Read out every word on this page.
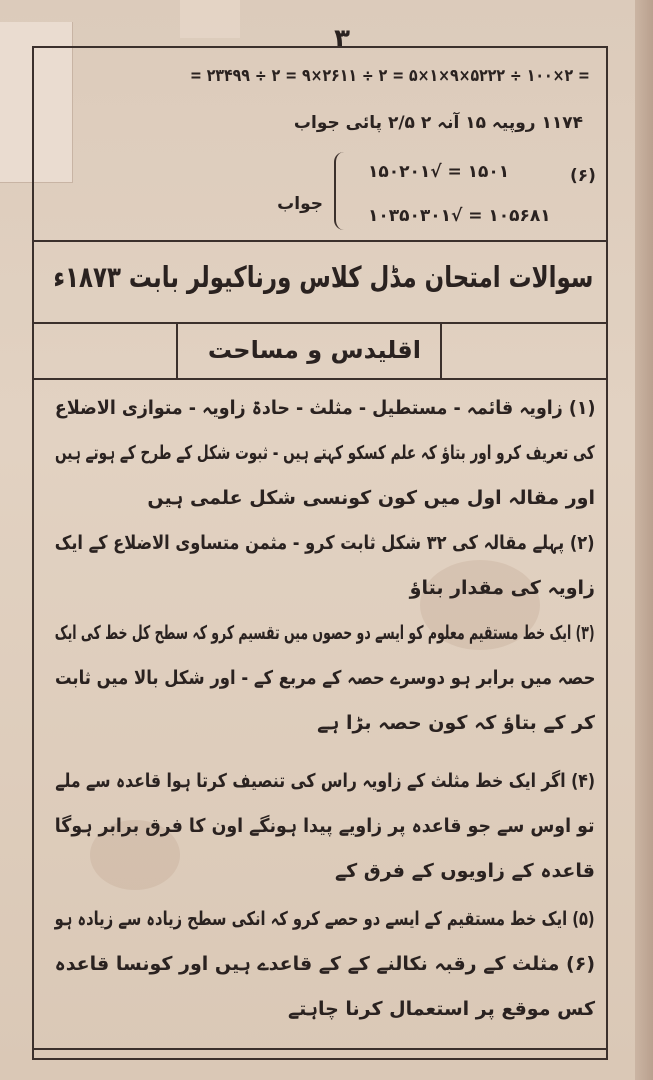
۳
= ۲۳۴۹۹ ÷ ۲ = ۹×۲۶۱۱ ÷ ۲ = ۵×۱×۹×۵۲۲۲ ÷ ۱۰۰×۲ =
۱۱۷۴ روپیہ ۱۵ آنہ ۲ ۲/۵ پائی جواب
(۶)
۱۵۰۲۰۱√ = ۱۵۰۱
۱۰۳۵۰۳۰۱√ = ۱۰۵۶۸۱
جواب
سوالات امتحان مڈل کلاس ورناکیولر بابت ۱۸۷۳ء
اقلیدس و مساحت
(۱) زاویہ قائمہ - مستطیل - مثلث - حادۃ زاویہ - متوازی الاضلاع
کی تعریف کرو اور بتاؤ کہ علم کسکو کہتے ہیں - ثبوت شکل کے طرح کے ہوتے ہیں
اور مقالہ اول میں کون کونسی شکل علمی ہیں
(۲) پہلے مقالہ کی ۳۲ شکل ثابت کرو - مثمن متساوی الاضلاع کے ایک
زاویہ کی مقدار بتاؤ
(۳) ایک خط مستقیم معلوم کو ایسے دو حصوں میں تقسیم کرو کہ سطح کل خط کی ایک
حصہ میں برابر ہو دوسرے حصہ کے مربع کے - اور شکل بالا میں ثابت
کر کے بتاؤ کہ کون حصہ بڑا ہے
(۴) اگر ایک خط مثلث کے زاویہ راس کی تنصیف کرتا ہوا قاعدہ سے ملے
تو اوس سے جو قاعدہ پر زاویے پیدا ہونگے اون کا فرق برابر ہوگا
قاعدہ کے زاویوں کے فرق کے
(۵) ایک خط مستقیم کے ایسے دو حصے کرو کہ انکی سطح زیادہ سے زیادہ ہو
(۶) مثلث کے رقبہ نکالنے کے کے قاعدے ہیں اور کونسا قاعدہ
کس موقع پر استعمال کرنا چاہتے
